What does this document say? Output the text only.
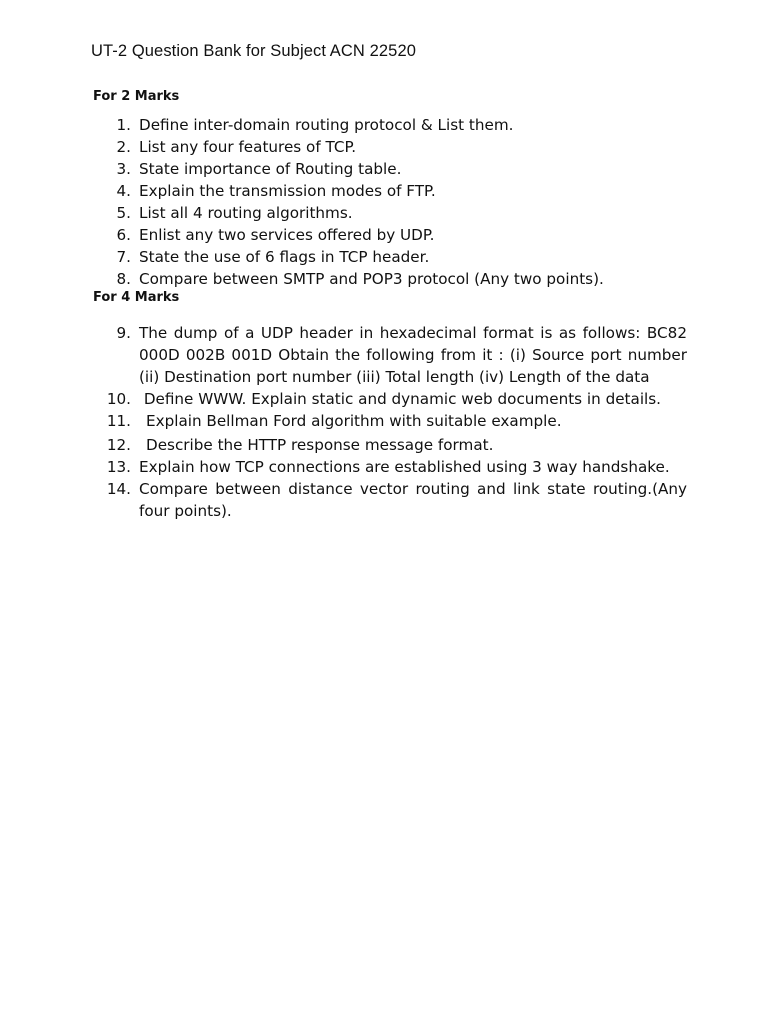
UT-2 Question Bank for Subject ACN 22520
For 2 Marks
1. Define inter-domain routing protocol & List them.
2. List any four features of TCP.
3. State importance of Routing table.
4. Explain the transmission modes of FTP.
5. List all 4 routing algorithms.
6. Enlist any two services offered by UDP.
7. State the use of 6 flags in TCP header.
8. Compare between SMTP and POP3 protocol (Any two points).
For 4 Marks
9. The dump of a UDP header in hexadecimal format is as follows: BC82 000D 002B 001D Obtain the following from it : (i) Source port number (ii) Destination port number (iii) Total length (iv) Length of the data
10. Define WWW. Explain static and dynamic web documents in details.
11. Explain Bellman Ford algorithm with suitable example.
12. Describe the HTTP response message format.
13. Explain how TCP connections are established using 3 way handshake.
14. Compare between distance vector routing and link state routing.(Any four points).
